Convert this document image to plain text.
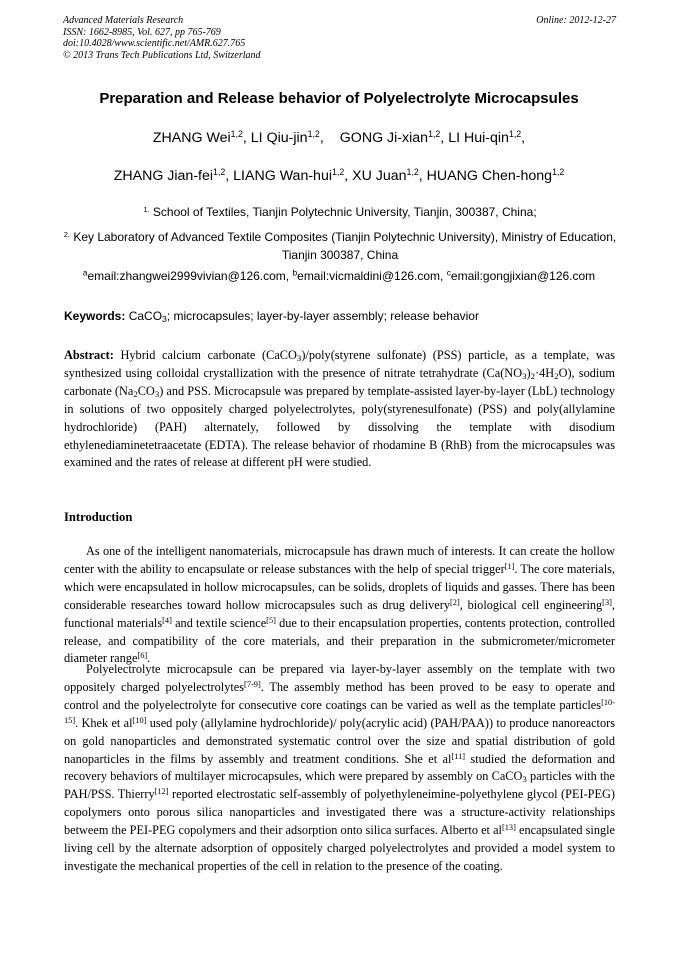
Advanced Materials Research
ISSN: 1662-8985, Vol. 627, pp 765-769
doi:10.4028/www.scientific.net/AMR.627.765
© 2013 Trans Tech Publications Ltd, Switzerland
Online: 2012-12-27
Preparation and Release behavior of Polyelectrolyte Microcapsules
ZHANG Wei$^{1,2}$, LI Qiu-jin$^{1,2}$, GONG Ji-xian$^{1,2}$, LI Hui-qin$^{1,2}$,
ZHANG Jian-fei$^{1,2}$, LIANG Wan-hui$^{1,2}$, XU Juan$^{1,2}$, HUANG Chen-hong$^{1,2}$
$^{1.}$ School of Textiles, Tianjin Polytechnic University, Tianjin, 300387, China;
$^{2.}$ Key Laboratory of Advanced Textile Composites (Tianjin Polytechnic University), Ministry of Education, Tianjin 300387, China
$^a$email:zhangwei2999vivian@126.com, $^b$email:vicmaldini@126.com, $^c$email:gongjixian@126.com
Keywords: CaCO$_3$; microcapsules; layer-by-layer assembly; release behavior
Abstract: Hybrid calcium carbonate (CaCO$_3$)/poly(styrene sulfonate) (PSS) particle, as a template, was synthesized using colloidal crystallization with the presence of nitrate tetrahydrate $(Ca(NO_3)_2\cdot 4H_2O)$, sodium carbonate $(Na_2CO_3)$ and PSS. Microcapsule was prepared by template-assisted layer-by-layer (LbL) technology in solutions of two oppositely charged polyelectrolytes, poly(styrenesulfonate) (PSS) and poly(allylamine hydrochloride) (PAH) alternately, followed by dissolving the template with disodium ethylenediaminetetraacetate (EDTA). The release behavior of rhodamine B (RhB) from the microcapsules was examined and the rates of release at different pH were studied.
Introduction
As one of the intelligent nanomaterials, microcapsule has drawn much of interests. It can create the hollow center with the ability to encapsulate or release substances with the help of special trigger[1]. The core materials, which were encapsulated in hollow microcapsules, can be solids, droplets of liquids and gasses. There has been considerable researches toward hollow microcapsules such as drug delivery[2], biological cell engineering[3], functional materials[4] and textile science[5] due to their encapsulation properties, contents protection, controlled release, and compatibility of the core materials, and their preparation in the submicrometer/micrometer diameter range[6].
Polyelectrolyte microcapsule can be prepared via layer-by-layer assembly on the template with two oppositely charged polyelectrolytes[7-9]. The assembly method has been proved to be easy to operate and control and the polyelectrolyte for consecutive core coatings can be varied as well as the template particles[10-15]. Khek et al[10] used poly (allylamine hydrochloride)/ poly(acrylic acid) (PAH/PAA)) to produce nanoreactors on gold nanoparticles and demonstrated systematic control over the size and spatial distribution of gold nanoparticles in the films by assembly and treatment conditions. She et al[11] studied the deformation and recovery behaviors of multilayer microcapsules, which were prepared by assembly on CaCO$_3$ particles with the PAH/PSS. Thierry[12] reported electrostatic self-assembly of polyethyleneimine-polyethylene glycol (PEI-PEG) copolymers onto porous silica nanoparticles and investigated there was a structure-activity relationships betweem the PEI-PEG copolymers and their adsorption onto silica surfaces. Alberto et al[13] encapsulated single living cell by the alternate adsorption of oppositely charged polyelectrolytes and provided a model system to investigate the mechanical properties of the cell in relation to the presence of the coating.
